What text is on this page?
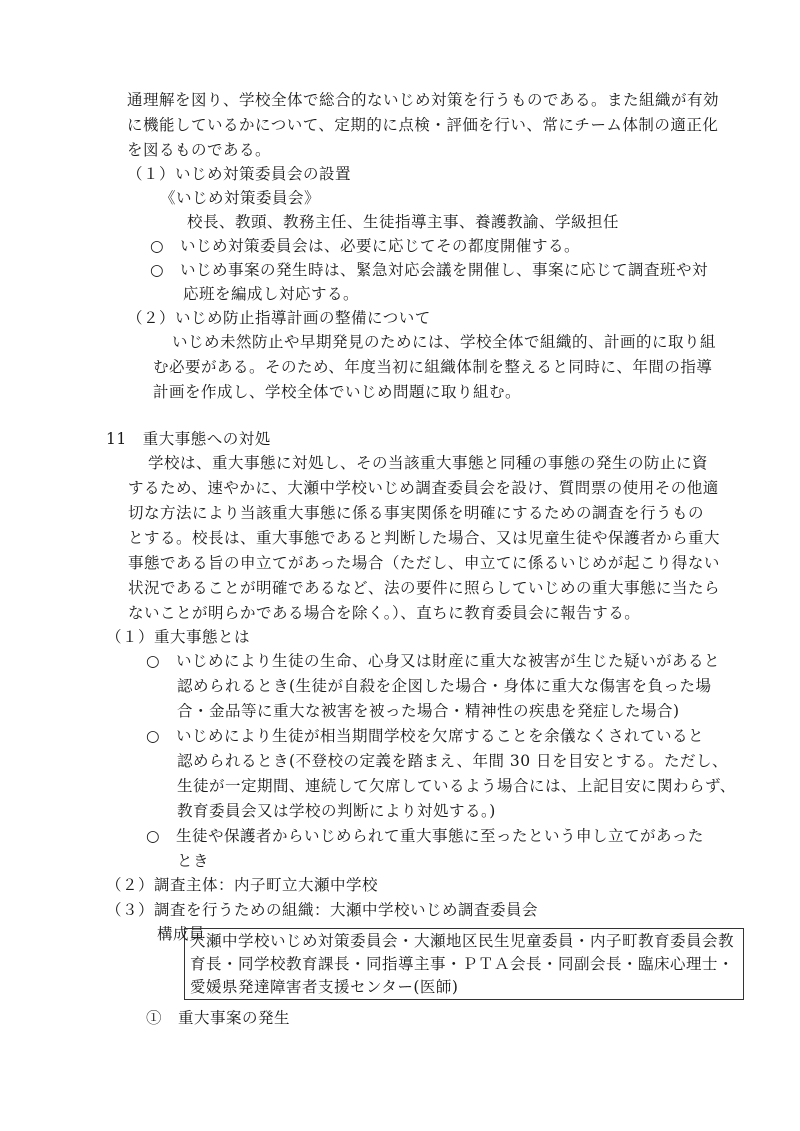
通理解を図り、学校全体で総合的ないじめ対策を行うものである。また組織が有効
に機能しているかについて、定期的に点検・評価を行い、常にチーム体制の適正化
を図るものである。
（１）いじめ対策委員会の設置
《いじめ対策委員会》
校長、教頭、教務主任、生徒指導主事、養護教諭、学級担任
○　いじめ対策委員会は、必要に応じてその都度開催する。
○　いじめ事案の発生時は、緊急対応会議を開催し、事案に応じて調査班や対
応班を編成し対応する。
（２）いじめ防止指導計画の整備について
いじめ未然防止や早期発見のためには、学校全体で組織的、計画的に取り組
む必要がある。そのため、年度当初に組織体制を整えると同時に、年間の指導
計画を作成し、学校全体でいじめ問題に取り組む。
11　重大事態への対処
学校は、重大事態に対処し、その当該重大事態と同種の事態の発生の防止に資
するため、速やかに、大瀬中学校いじめ調査委員会を設け、質問票の使用その他適
切な方法により当該重大事態に係る事実関係を明確にするための調査を行うもの
とする。校長は、重大事態であると判断した場合、又は児童生徒や保護者から重大
事態である旨の申立てがあった場合（ただし、申立てに係るいじめが起こり得ない
状況であることが明確であるなど、法の要件に照らしていじめの重大事態に当たら
ないことが明らかである場合を除く。）、直ちに教育委員会に報告する。
（１）重大事態とは
○　いじめにより生徒の生命、心身又は財産に重大な被害が生じた疑いがあると
認められるとき(生徒が自殺を企図した場合・身体に重大な傷害を負った場
合・金品等に重大な被害を被った場合・精神性の疾患を発症した場合)
○　いじめにより生徒が相当期間学校を欠席することを余儀なくされていると
認められるとき(不登校の定義を踏まえ、年間 30 日を目安とする。ただし、
生徒が一定期間、連続して欠席しているよう場合には、上記目安に関わらず、
教育委員会又は学校の判断により対処する。)
○　生徒や保護者からいじめられて重大事態に至ったという申し立てがあった
とき
（２）調査主体：内子町立大瀬中学校
（３）調査を行うための組織：大瀬中学校いじめ調査委員会
構成員
大瀬中学校いじめ対策委員会・大瀬地区民生児童委員・内子町教育委員会教
育長・同学校教育課長・同指導主事・ＰＴＡ会長・同副会長・臨床心理士・
愛媛県発達障害者支援センター(医師)
①　重大事案の発生
